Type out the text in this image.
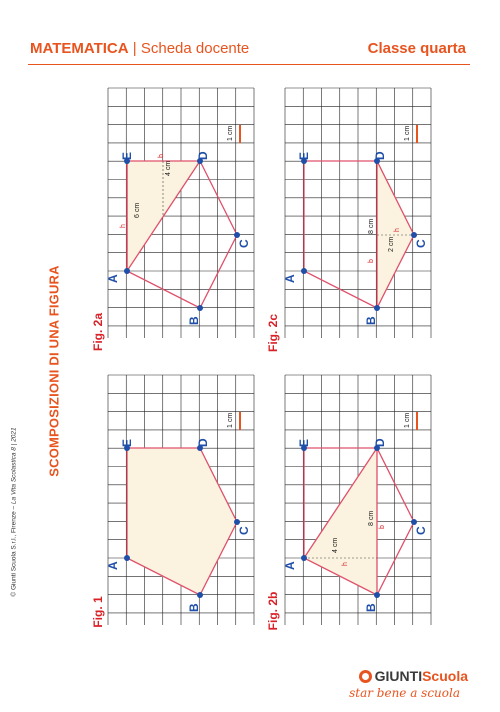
MATEMATICA | Scheda docente	Classe quarta
SCOMPOSIZIONI DI UNA FIGURA
© Giunti Scuola S.r.l., Firenze – La Vita Scolastica 8 | 2021
Fig. 2a
Fig. 1
Fig. 2c
Fig. 2b
A
B
C
D
E
h
6 cm
b
4 cm
1 cm
A
B
C
D
E
1 cm
A
B
C
D
E
8 cm
b
2 cm
h
1 cm
A
B
C
D
E
4 cm
h
8 cm
b
1 cm
GIUNTIScuola
star bene a scuola
